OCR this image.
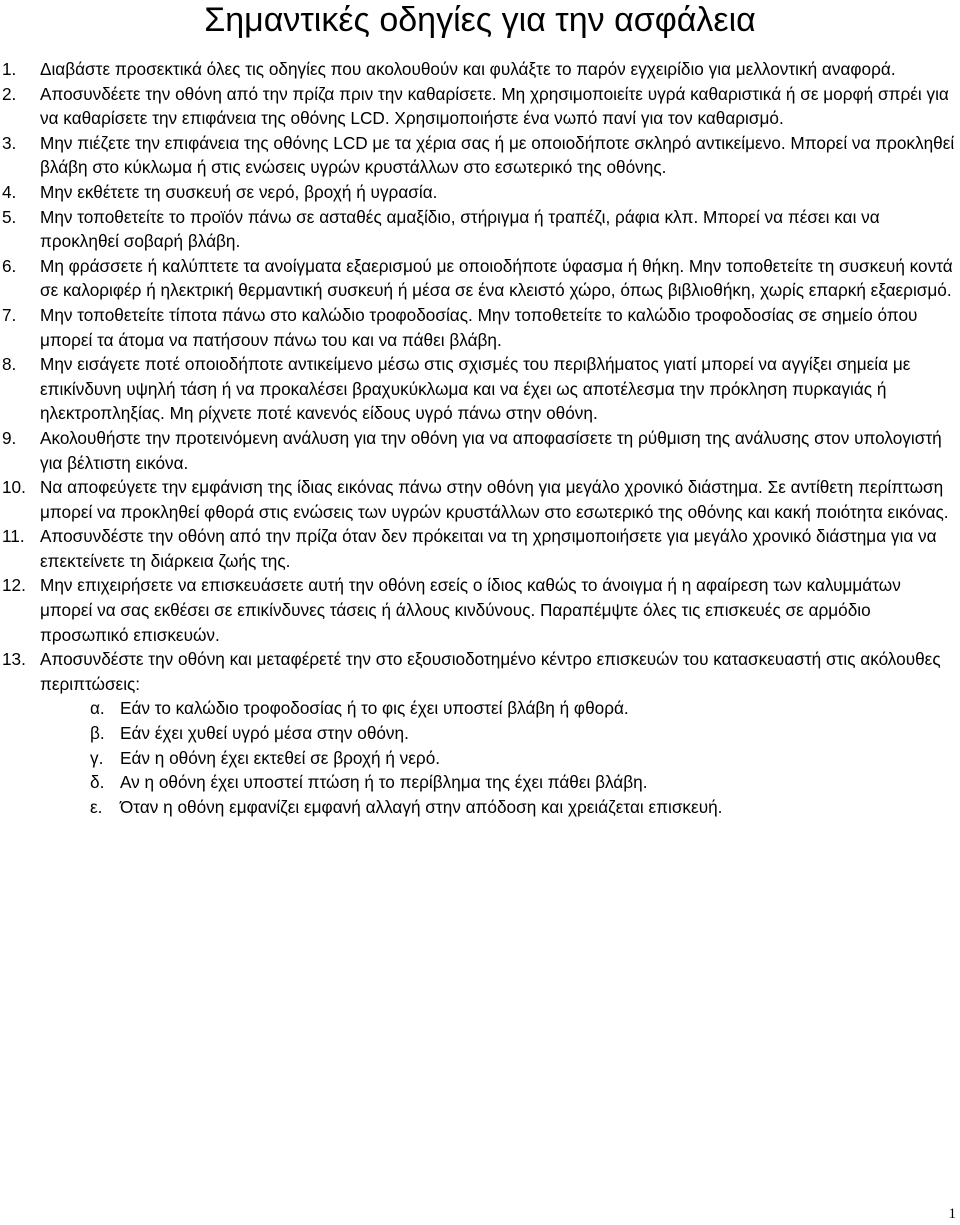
Σημαντικές οδηγίες για την ασφάλεια
1.	Διαβάστε προσεκτικά όλες τις οδηγίες που ακολουθούν και φυλάξτε το παρόν εγχειρίδιο για μελλοντική αναφορά.
2.	Αποσυνδέετε την οθόνη από την πρίζα πριν την καθαρίσετε. Μη χρησιμοποιείτε υγρά καθαριστικά ή σε μορφή σπρέι για να καθαρίσετε την επιφάνεια της οθόνης LCD. Χρησιμοποιήστε ένα νωπό πανί για τον καθαρισμό.
3.	Μην πιέζετε την επιφάνεια της οθόνης LCD με τα χέρια σας ή με οποιοδήποτε σκληρό αντικείμενο. Μπορεί να προκληθεί βλάβη στο κύκλωμα ή στις ενώσεις υγρών κρυστάλλων στο εσωτερικό της οθόνης.
4.	Μην εκθέτετε τη συσκευή σε νερό, βροχή ή υγρασία.
5.	Μην τοποθετείτε το προϊόν πάνω σε ασταθές αμαξίδιο, στήριγμα ή τραπέζι, ράφια κλπ. Μπορεί να πέσει και να προκληθεί σοβαρή βλάβη.
6.	Μη φράσσετε ή καλύπτετε τα ανοίγματα εξαερισμού με οποιοδήποτε ύφασμα ή θήκη. Μην τοποθετείτε τη συσκευή κοντά σε καλοριφέρ ή ηλεκτρική θερμαντική συσκευή ή μέσα σε ένα κλειστό χώρο, όπως βιβλιοθήκη, χωρίς επαρκή εξαερισμό.
7.	Μην τοποθετείτε τίποτα πάνω στο καλώδιο τροφοδοσίας. Μην τοποθετείτε το καλώδιο τροφοδοσίας σε σημείο όπου μπορεί τα άτομα να πατήσουν πάνω του και να πάθει βλάβη.
8.	Μην εισάγετε ποτέ οποιοδήποτε αντικείμενο μέσω στις σχισμές του περιβλήματος γιατί μπορεί να αγγίξει σημεία με επικίνδυνη υψηλή τάση ή να προκαλέσει βραχυκύκλωμα και να έχει ως αποτέλεσμα την πρόκληση πυρκαγιάς ή ηλεκτροπληξίας. Μη ρίχνετε ποτέ κανενός είδους υγρό πάνω στην οθόνη.
9.	Ακολουθήστε την προτεινόμενη ανάλυση για την οθόνη για να αποφασίσετε τη ρύθμιση της ανάλυσης στον υπολογιστή για βέλτιστη εικόνα.
10. Να αποφεύγετε την εμφάνιση της ίδιας εικόνας πάνω στην οθόνη για μεγάλο χρονικό διάστημα. Σε αντίθετη περίπτωση μπορεί να προκληθεί φθορά στις ενώσεις των υγρών κρυστάλλων στο εσωτερικό της οθόνης και κακή ποιότητα εικόνας.
11. Αποσυνδέστε την οθόνη από την πρίζα όταν δεν πρόκειται να τη χρησιμοποιήσετε για μεγάλο χρονικό διάστημα για να επεκτείνετε τη διάρκεια ζωής της.
12. Μην επιχειρήσετε να επισκευάσετε αυτή την οθόνη εσείς ο ίδιος καθώς το άνοιγμα ή η αφαίρεση των καλυμμάτων μπορεί να σας εκθέσει σε επικίνδυνες τάσεις ή άλλους κινδύνους. Παραπέμψτε όλες τις επισκευές σε αρμόδιο προσωπικό επισκευών.
13. Αποσυνδέστε την οθόνη και μεταφέρετέ την στο εξουσιοδοτημένο κέντρο επισκευών του κατασκευαστή στις ακόλουθες περιπτώσεις:
α. Εάν το καλώδιο τροφοδοσίας ή το φις έχει υποστεί βλάβη ή φθορά.
β. Εάν έχει χυθεί υγρό μέσα στην οθόνη.
γ. Εάν η οθόνη έχει εκτεθεί σε βροχή ή νερό.
δ. Αν η οθόνη έχει υποστεί πτώση ή το περίβλημα της έχει πάθει βλάβη.
ε.	Όταν η οθόνη εμφανίζει εμφανή αλλαγή στην απόδοση και χρειάζεται επισκευή.
1
